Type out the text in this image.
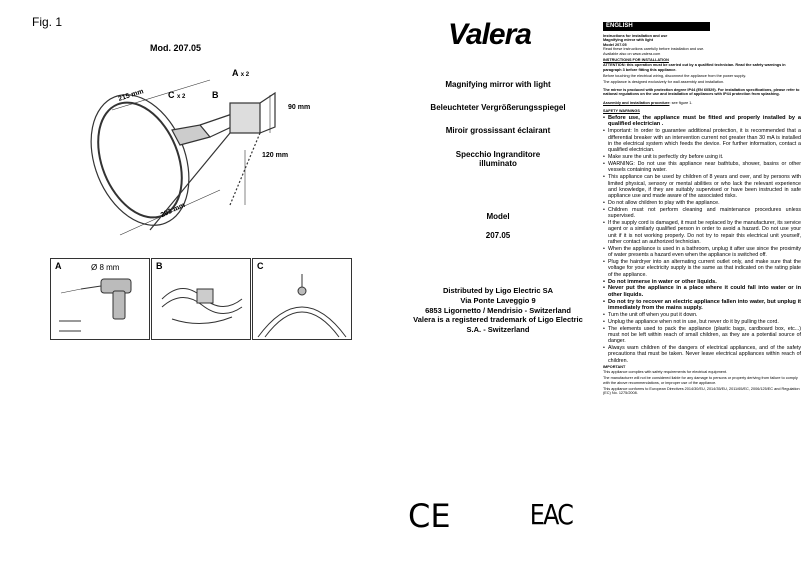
Fig. 1
Mod. 207.05
215 mm
90 mm
120 mm
293 mm
A x 2
C x 2	B
A	Ø 8 mm	B	C
Valera
Magnifying mirror with light
Beleuchteter Vergrößerungsspiegel
Miroir grossissant éclairant
Specchio Ingranditore illuminato
Model
207.05
Distributed by Ligo Electric SA
Via Ponte Laveggio 9
6853 Ligornetto / Mendrisio - Switzerland
Valera is a registered trademark of Ligo Electric
S.A. - Switzerland
CE	EAC
ENGLISH

Instructions for installation and use
Magnifying mirror with light
Model 207.05
Read these instructions carefully before installation and use.
Available also on www.valera.com

INSTRUCTIONS FOR INSTALLATION

ATTENTION: this operation must be carried out by a qualified technician. Read the safety warnings in paragraph 3 before fitting this appliance.

Before touching the electrical wiring, disconnect the appliance from the power supply.

The appliance is designed exclusively for wall assembly and installation.

The mirror is produced with protection degree IP44 (EN 60529). For installation specifications, please refer to national regulations on the use and installation of appliances with IP44 protection from splashing.

Assembly and installation procedure: see figure 1.

SAFETY WARNINGS

• Before use, the appliance must be fitted and properly installed by a qualified electrician .
• Important: In order to guarantee additional protection, it is recommended that a differential breaker with an intervention current not greater than 30 mA is installed in the electrical system which feeds the device. For further information, contact a qualified electrician.
• Make sure the unit is perfectly dry before using it.
• WARNING: Do not use this appliance near bathtubs, shower, basins or other vessels containing water.
• This appliance can be used by children of 8 years and over, and by persons with limited physical, sensory or mental abilities or who lack the relevant experience and knowledge, if they are suitably supervised or have been instructed in safe appliance use and made aware of the associated risks.
• Do not allow children to play with the appliance.
• Children must not perform cleaning and maintenance procedures unless supervised.
• If the supply cord is damaged, it must be replaced by the manufacturer, its service agent or a similarly qualified person in order to avoid a hazard. Do not use your unit if it is not working properly. Do not try to repair this electrical unit yourself, rather contact an authorized technician.
• When the appliance is used in a bathroom, unplug it after use since the proximity of water presents a hazard even when the appliance is switched off.
• Plug the hairdryer into an alternating current outlet only, and make sure that the voltage for your electricity supply is the same as that indicated on the rating plate of the appliance.
• Do not immerse in water or other liquids.
• Never put the appliance in a place where it could fall into water or in other liquids.
• Do not try to recover an electric appliance fallen into water, but unplug it immediately from the mains supply.
• Turn the unit off when you put it down.
• Unplug the appliance when not in use, but never do it by pulling the cord.
• The elements used to pack the appliance (plastic bags, cardboard box, etc...) must not be left within reach of small children, as they are a potential source of danger.
• Always warn children of the dangers of electrical appliances, and of the safety precautions that must be taken. Never leave electrical appliances within reach of children.

IMPORTANT

This appliance complies with safety requirements for electrical equipment.

The manufacturer will not be considered liable for any damage to persons or property deriving from failure to comply with the above recommendations, or improper use of the appliance.

This appliance conforms to European Directives 2014/30/EU, 2014/35/EU, 2011/65/EC, 2006/125/EC and Regulation (EC) No. 1275/2008.
